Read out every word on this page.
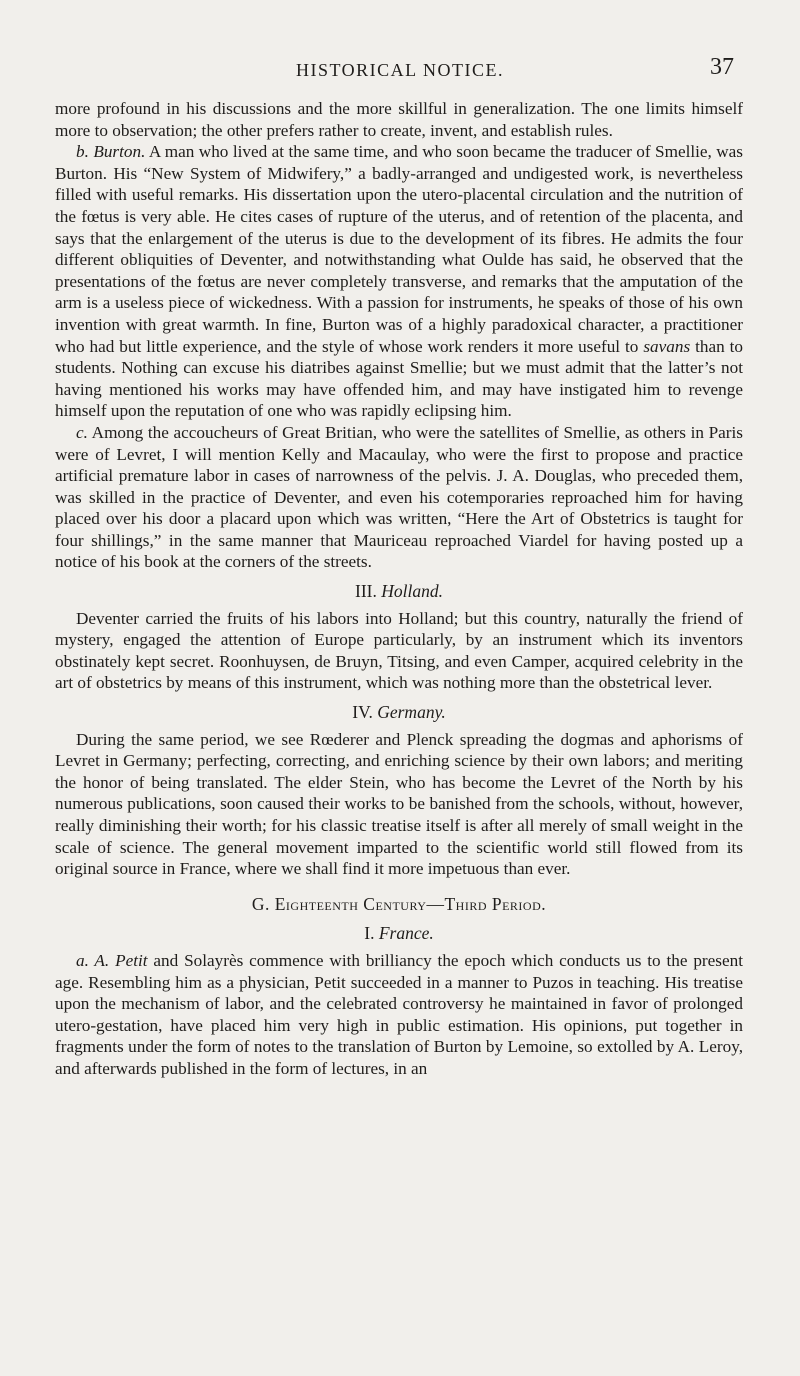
HISTORICAL NOTICE.	37

more profound in his discussions and the more skillful in generalization. The one limits himself more to observation; the other prefers rather to create, invent, and establish rules.

b. Burton. A man who lived at the same time, and who soon became the traducer of Smellie, was Burton. His “New System of Midwifery,” a badly-arranged and undigested work, is nevertheless filled with useful remarks. His dissertation upon the utero-placental circulation and the nutrition of the fœtus is very able. He cites cases of rupture of the uterus, and of retention of the placenta, and says that the enlargement of the uterus is due to the development of its fibres. He admits the four different obliquities of Deventer, and notwithstanding what Oulde has said, he observed that the presentations of the fœtus are never completely transverse, and remarks that the amputation of the arm is a useless piece of wickedness. With a passion for instruments, he speaks of those of his own invention with great warmth. In fine, Burton was of a highly paradoxical character, a practitioner who had but little experience, and the style of whose work renders it more useful to savans than to students. Nothing can excuse his diatribes against Smellie; but we must admit that the latter’s not having mentioned his works may have offended him, and may have instigated him to revenge himself upon the reputation of one who was rapidly eclipsing him.

c. Among the accoucheurs of Great Britian, who were the satellites of Smellie, as others in Paris were of Levret, I will mention Kelly and Macaulay, who were the first to propose and practice artificial premature labor in cases of narrowness of the pelvis. J. A. Douglas, who preceded them, was skilled in the practice of Deventer, and even his cotemporaries reproached him for having placed over his door a placard upon which was written, “Here the Art of Obstetrics is taught for four shillings,” in the same manner that Mauriceau reproached Viardel for having posted up a notice of his book at the corners of the streets.

III. Holland.

Deventer carried the fruits of his labors into Holland; but this country, naturally the friend of mystery, engaged the attention of Europe particularly, by an instrument which its inventors obstinately kept secret. Roonhuysen, de Bruyn, Titsing, and even Camper, acquired celebrity in the art of obstetrics by means of this instrument, which was nothing more than the obstetrical lever.

IV. Germany.

During the same period, we see Rœderer and Plenck spreading the dogmas and aphorisms of Levret in Germany; perfecting, correcting, and enriching science by their own labors; and meriting the honor of being translated. The elder Stein, who has become the Levret of the North by his numerous publications, soon caused their works to be banished from the schools, without, however, really diminishing their worth; for his classic treatise itself is after all merely of small weight in the scale of science. The general movement imparted to the scientific world still flowed from its original source in France, where we shall find it more impetuous than ever.

G. Eighteenth Century—Third Period.
I. France.

a. A. Petit and Solayrès commence with brilliancy the epoch which conducts us to the present age. Resembling him as a physician, Petit succeeded in a manner to Puzos in teaching. His treatise upon the mechanism of labor, and the celebrated controversy he maintained in favor of prolonged utero-gestation, have placed him very high in public estimation. His opinions, put together in fragments under the form of notes to the translation of Burton by Lemoine, so extolled by A. Leroy, and afterwards published in the form of lectures, in an
